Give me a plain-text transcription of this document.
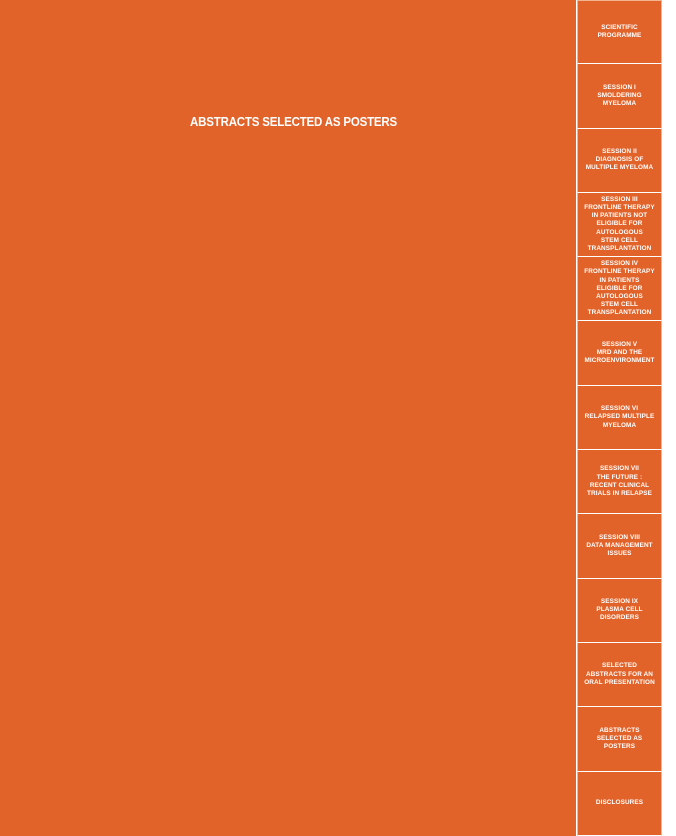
ABSTRACTS SELECTED AS POSTERS
SCIENTIFIC
PROGRAMME
SESSION I
SMOLDERING
MYELOMA
SESSION II
DIAGNOSIS OF
MULTIPLE MYELOMA
SESSION III
FRONTLINE THERAPY
IN PATIENTS NOT
ELIGIBLE FOR
AUTOLOGOUS
STEM CELL
TRANSPLANTATION
SESSION IV
FRONTLINE THERAPY
IN PATIENTS
ELIGIBLE FOR
AUTOLOGOUS
STEM CELL
TRANSPLANTATION
SESSION V
MRD AND THE
MICROENVIRONMENT
SESSION VI
RELAPSED MULTIPLE
MYELOMA
SESSION VII
THE FUTURE :
RECENT CLINICAL
TRIALS IN RELAPSE
SESSION VIII
DATA MANAGEMENT
ISSUES
SESSION IX
PLASMA CELL
DISORDERS
SELECTED
ABSTRACTS FOR AN
ORAL PRESENTATION
ABSTRACTS
SELECTED AS
POSTERS
DISCLOSURES
